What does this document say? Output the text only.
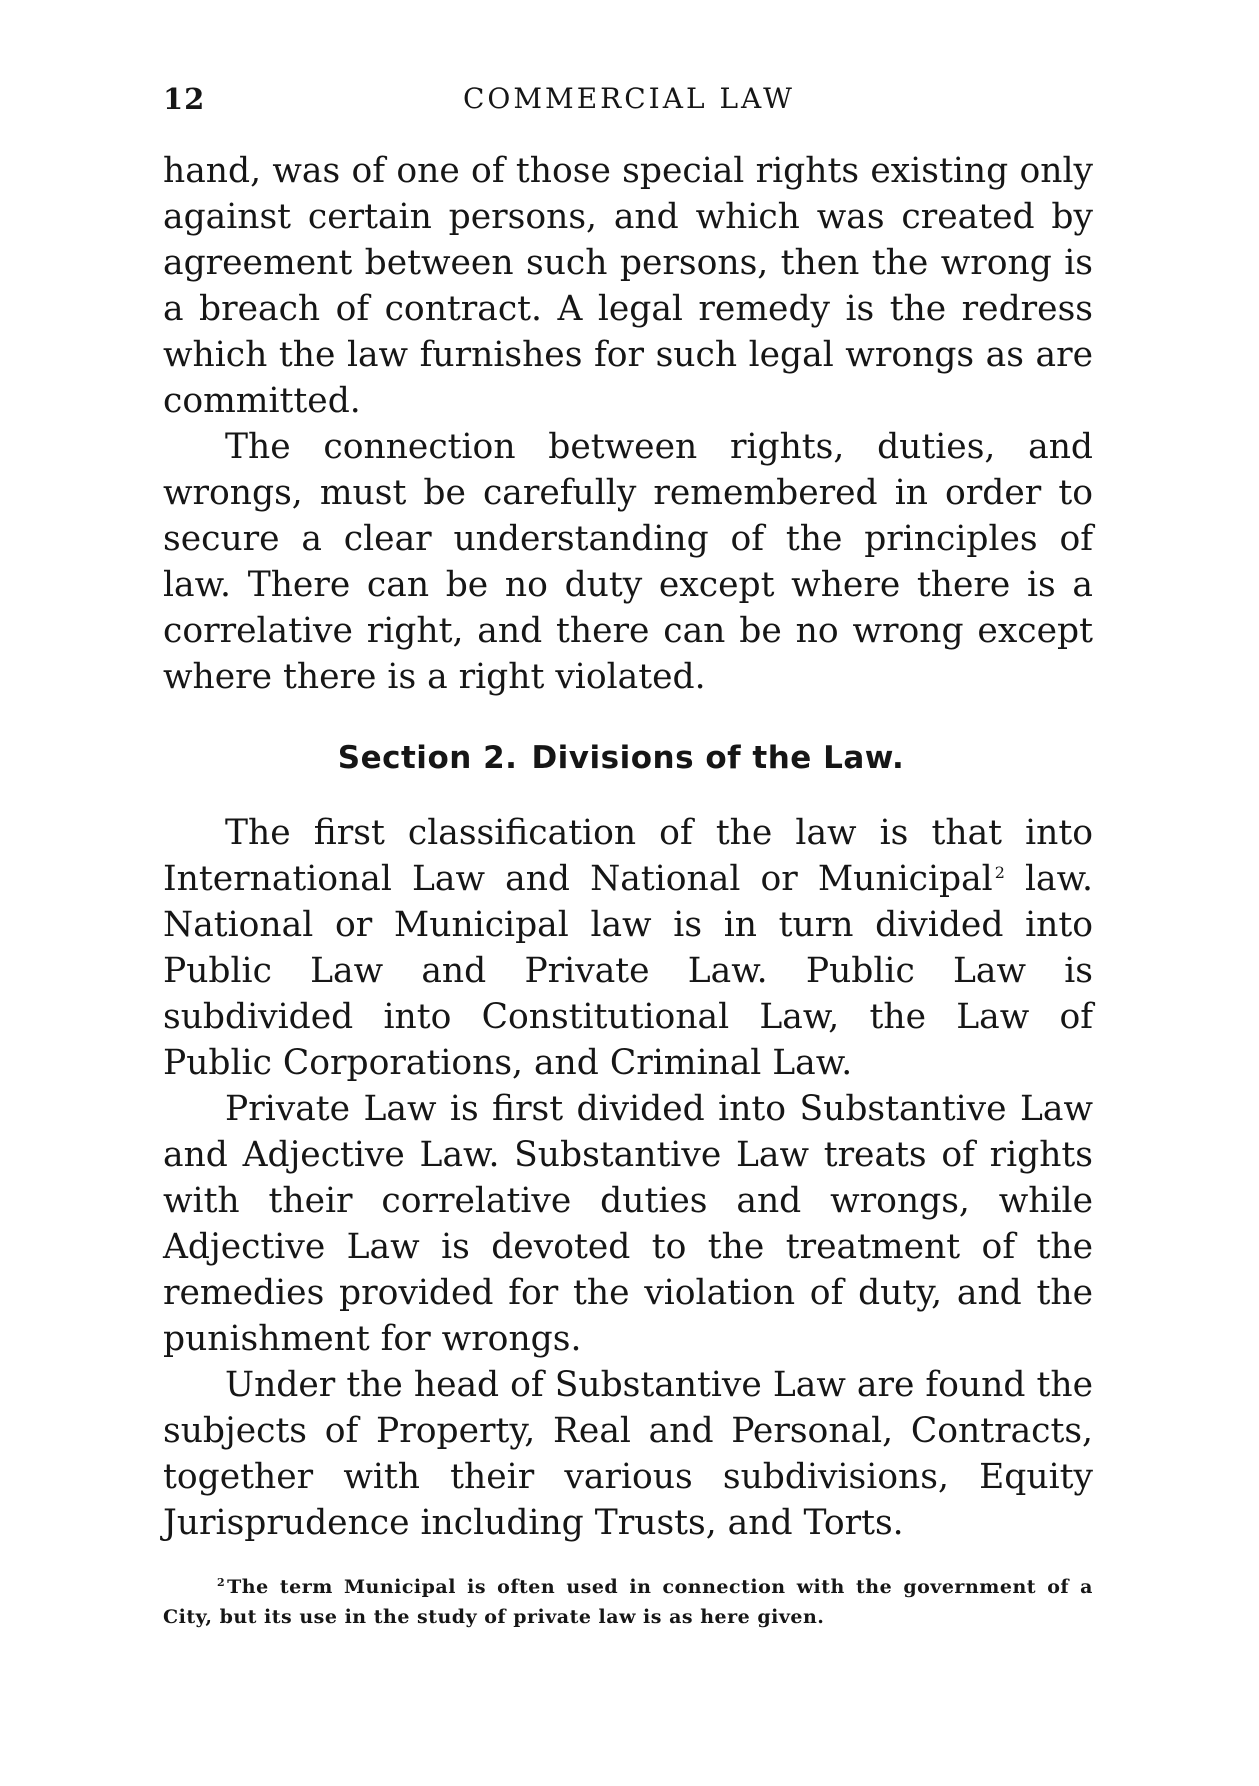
12	COMMERCIAL LAW

hand, was of one of those special rights existing only against certain persons, and which was created by agreement between such persons, then the wrong is a breach of contract. A legal remedy is the redress which the law furnishes for such legal wrongs as are committed.

The connection between rights, duties, and wrongs, must be carefully remembered in order to secure a clear understanding of the principles of law. There can be no duty except where there is a correlative right, and there can be no wrong except where there is a right violated.

Section 2. Divisions of the Law.

The first classification of the law is that into International Law and National or Municipal $^2$ law. National or Municipal law is in turn divided into Public Law and Private Law. Public Law is subdivided into Constitutional Law, the Law of Public Corporations, and Criminal Law.

Private Law is first divided into Substantive Law and Adjective Law. Substantive Law treats of rights with their correlative duties and wrongs, while Adjective Law is devoted to the treatment of the remedies provided for the violation of duty, and the punishment for wrongs.

Under the head of Substantive Law are found the subjects of Property, Real and Personal, Contracts, together with their various subdivisions, Equity Jurisprudence including Trusts, and Torts.

$^2$ The term Municipal is often used in connection with the government of a City, but its use in the study of private law is as here given.
